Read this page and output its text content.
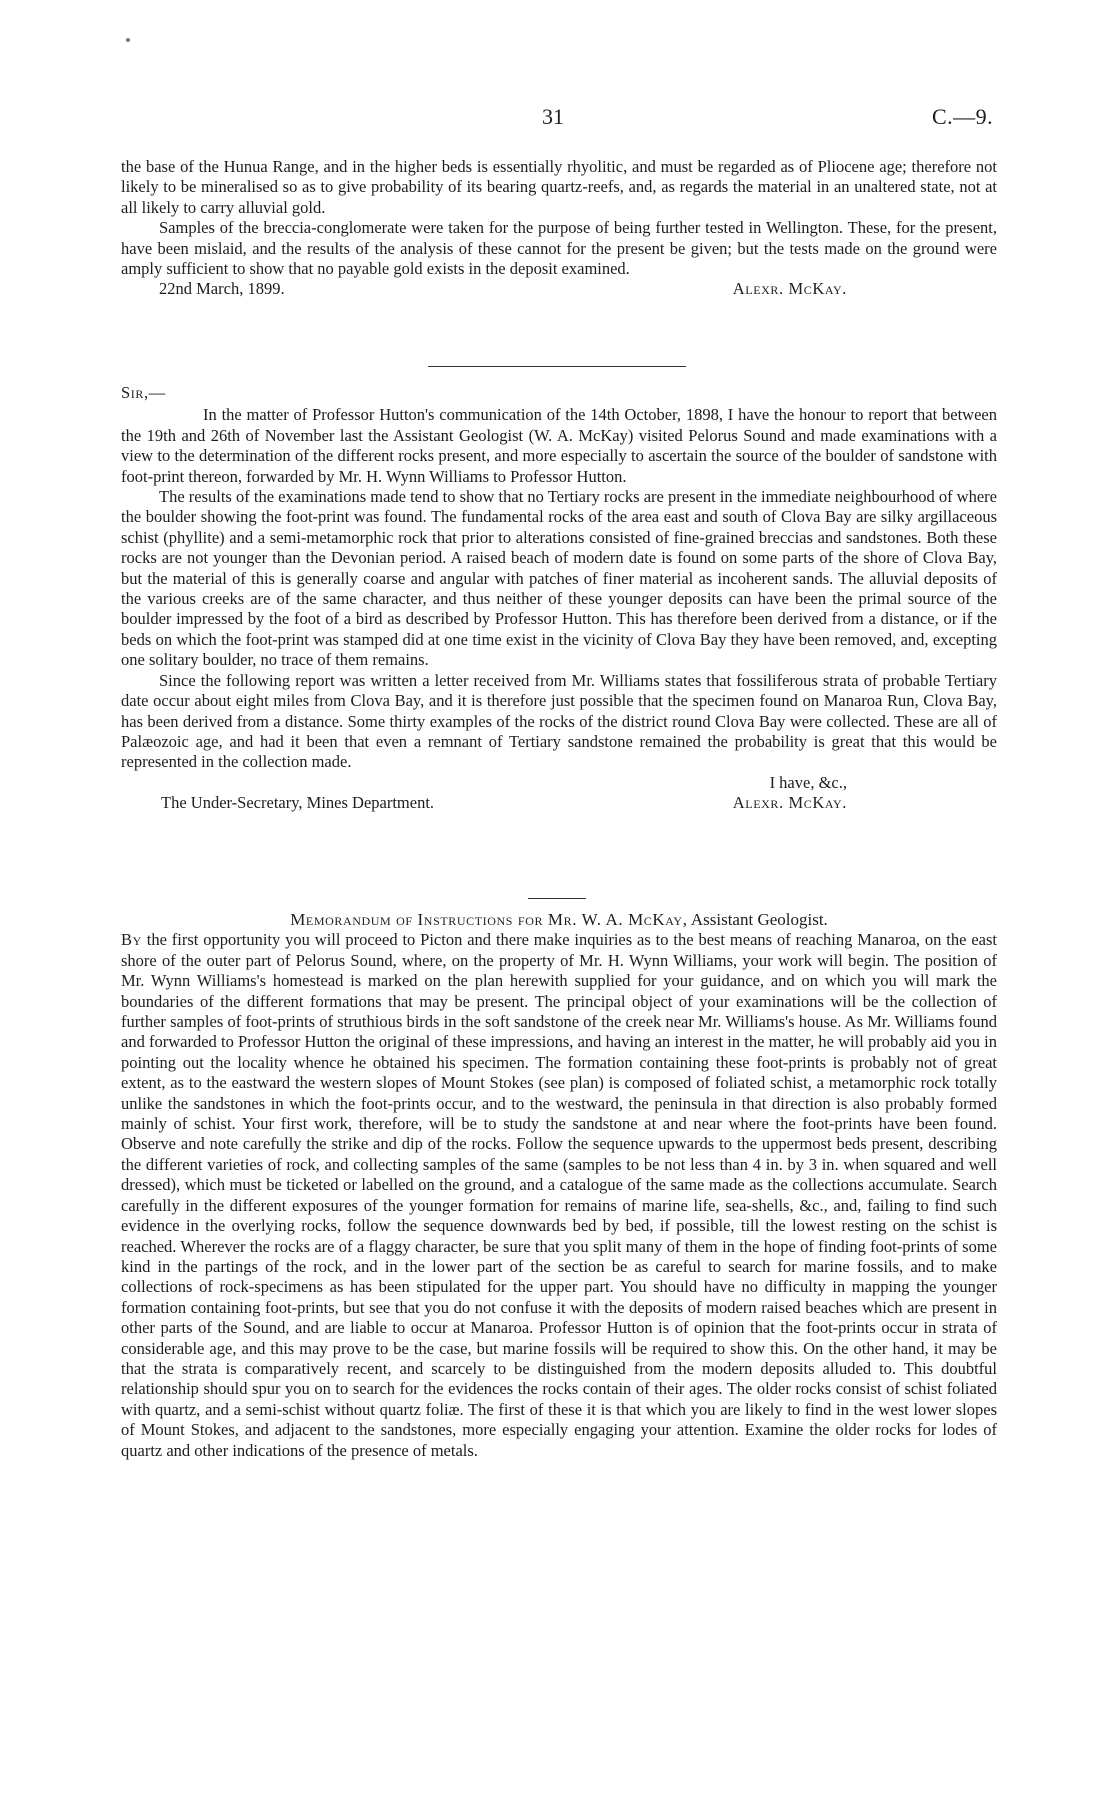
31	C.—9.

the base of the Hunua Range, and in the higher beds is essentially rhyolitic, and must be regarded as of Pliocene age; therefore not likely to be mineralised so as to give probability of its bearing quartz-reefs, and, as regards the material in an unaltered state, not at all likely to carry alluvial gold.

Samples of the breccia-conglomerate were taken for the purpose of being further tested in Wellington. These, for the present, have been mislaid, and the results of the analysis of these cannot for the present be given; but the tests made on the ground were amply sufficient to show that no payable gold exists in the deposit examined.

22nd March, 1899.	Alexr. McKay.

Sir,—

In the matter of Professor Hutton's communication of the 14th October, 1898, I have the honour to report that between the 19th and 26th of November last the Assistant Geologist (W. A. McKay) visited Pelorus Sound and made examinations with a view to the determination of the different rocks present, and more especially to ascertain the source of the boulder of sandstone with foot-print thereon, forwarded by Mr. H. Wynn Williams to Professor Hutton.

The results of the examinations made tend to show that no Tertiary rocks are present in the immediate neighbourhood of where the boulder showing the foot-print was found. The fundamental rocks of the area east and south of Clova Bay are silky argillaceous schist (phyllite) and a semi-metamorphic rock that prior to alterations consisted of fine-grained breccias and sandstones. Both these rocks are not younger than the Devonian period. A raised beach of modern date is found on some parts of the shore of Clova Bay, but the material of this is generally coarse and angular with patches of finer material as incoherent sands. The alluvial deposits of the various creeks are of the same character, and thus neither of these younger deposits can have been the primal source of the boulder impressed by the foot of a bird as described by Professor Hutton. This has therefore been derived from a distance, or if the beds on which the foot-print was stamped did at one time exist in the vicinity of Clova Bay they have been removed, and, excepting one solitary boulder, no trace of them remains.

Since the following report was written a letter received from Mr. Williams states that fossiliferous strata of probable Tertiary date occur about eight miles from Clova Bay, and it is therefore just possible that the specimen found on Manaroa Run, Clova Bay, has been derived from a distance. Some thirty examples of the rocks of the district round Clova Bay were collected. These are all of Palæozoic age, and had it been that even a remnant of Tertiary sandstone remained the probability is great that this would be represented in the collection made.

I have, &c.,

The Under-Secretary, Mines Department.	Alexr. McKay.

Memorandum of Instructions for Mr. W. A. McKay, Assistant Geologist.

By the first opportunity you will proceed to Picton and there make inquiries as to the best means of reaching Manaroa, on the east shore of the outer part of Pelorus Sound, where, on the property of Mr. H. Wynn Williams, your work will begin. The position of Mr. Wynn Williams's homestead is marked on the plan herewith supplied for your guidance, and on which you will mark the boundaries of the different formations that may be present. The principal object of your examinations will be the collection of further samples of foot-prints of struthious birds in the soft sandstone of the creek near Mr. Williams's house. As Mr. Williams found and forwarded to Professor Hutton the original of these impressions, and having an interest in the matter, he will probably aid you in pointing out the locality whence he obtained his specimen. The formation containing these foot-prints is probably not of great extent, as to the eastward the western slopes of Mount Stokes (see plan) is composed of foliated schist, a metamorphic rock totally unlike the sandstones in which the foot-prints occur, and to the westward, the peninsula in that direction is also probably formed mainly of schist. Your first work, therefore, will be to study the sandstone at and near where the foot-prints have been found. Observe and note carefully the strike and dip of the rocks. Follow the sequence upwards to the uppermost beds present, describing the different varieties of rock, and collecting samples of the same (samples to be not less than 4 in. by 3 in. when squared and well dressed), which must be ticketed or labelled on the ground, and a catalogue of the same made as the collections accumulate. Search carefully in the different exposures of the younger formation for remains of marine life, sea-shells, &c., and, failing to find such evidence in the overlying rocks, follow the sequence downwards bed by bed, if possible, till the lowest resting on the schist is reached. Wherever the rocks are of a flaggy character, be sure that you split many of them in the hope of finding foot-prints of some kind in the partings of the rock, and in the lower part of the section be as careful to search for marine fossils, and to make collections of rock-specimens as has been stipulated for the upper part. You should have no difficulty in mapping the younger formation containing foot-prints, but see that you do not confuse it with the deposits of modern raised beaches which are present in other parts of the Sound, and are liable to occur at Manaroa. Professor Hutton is of opinion that the foot-prints occur in strata of considerable age, and this may prove to be the case, but marine fossils will be required to show this. On the other hand, it may be that the strata is comparatively recent, and scarcely to be distinguished from the modern deposits alluded to. This doubtful relationship should spur you on to search for the evidences the rocks contain of their ages. The older rocks consist of schist foliated with quartz, and a semi-schist without quartz foliæ. The first of these it is that which you are likely to find in the west lower slopes of Mount Stokes, and adjacent to the sandstones, more especially engaging your attention. Examine the older rocks for lodes of quartz and other indications of the presence of metals.
